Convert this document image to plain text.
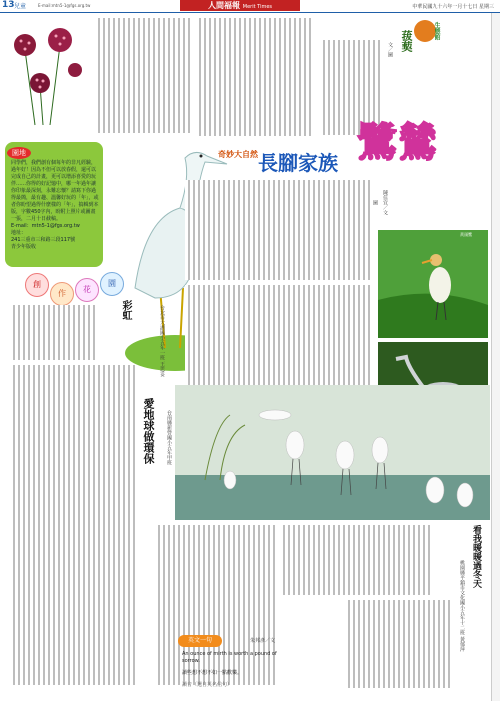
13 兒童	E-mail:mtn5-1@fgs.org.tw	人間福報 Merit Times	中華民國九十六年一月十七日 星期三
文／圖 菝葜	生態館
園地
同學們，我們創有個每年的非凡經驗，過年好！因為不但可以放春假，還可以完成自己的計畫，更可以增添喜愛的玩伴……你得的好記憶中，哪一年過年讓你印象最深刻，永難忘懷？請寫下你過得最簡，最有趣、溫馨好玩的「年」，或者你盼望過得什麼樣的「年」，搞輯到本版，字數450字內，盼附上照片或圖畫一張，二月十日截稿。
E-mail：mtn5-1@fgs.org.tw
地址：
241三重市三和路三段117號
青少年版收
奇妙大自然 長腳家族 鷺鷥
陳佳宜／文
圖
黃頭鷺
創
作	花
園
彩虹	台北市大湖國小五年一班 王思妥
愛地球做環保	台南縣新營國小五年甲班
英文一句	朱邦彥／文
An ounce of mirth is worth a pound of sorrow.
讀些想不想不如一點歡樂。
讀音（選自英名信句）
看我暖暖過冬天
桃園縣平鎮市文化國小五年十二班 黃郁萍
